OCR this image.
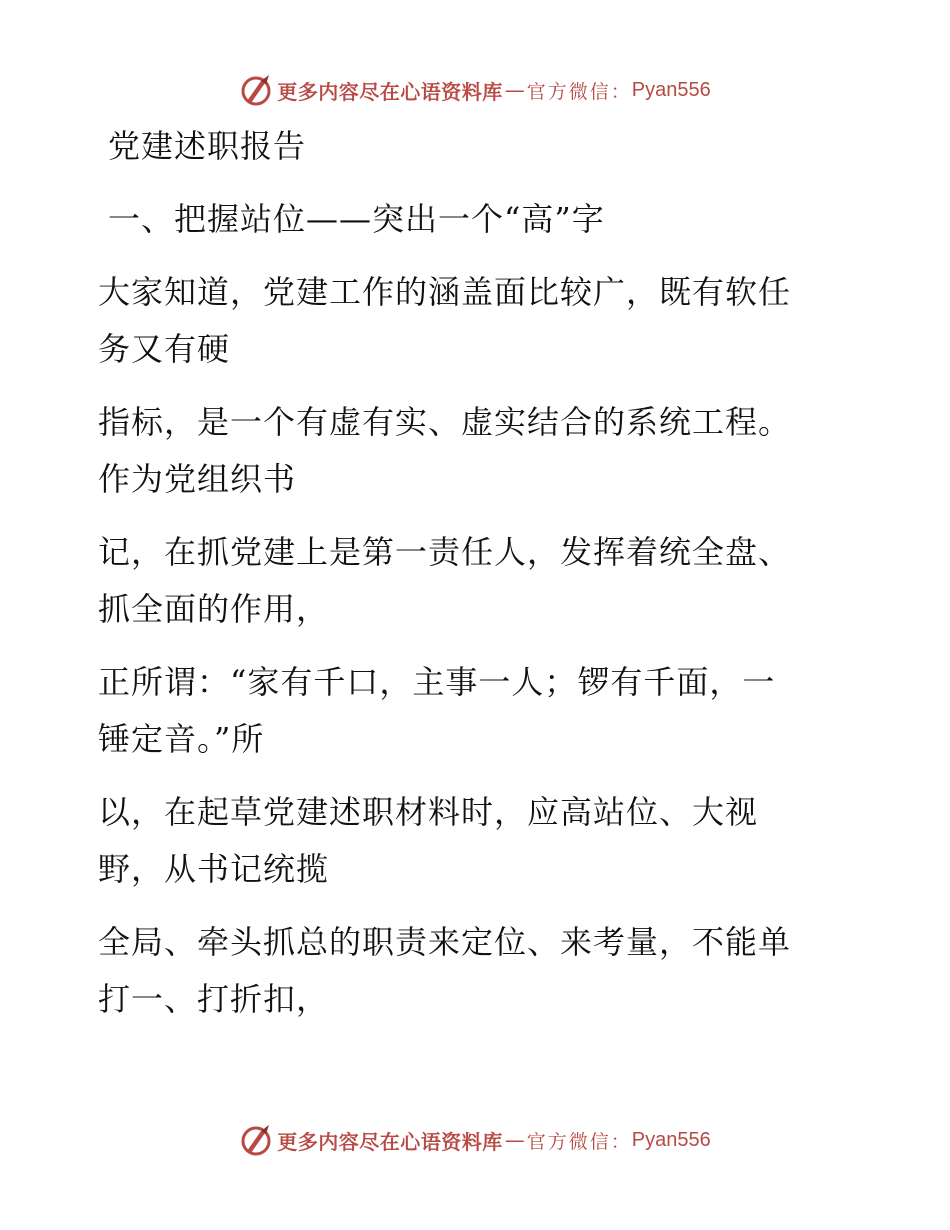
更多内容尽在心语资料库 — 官方微信： Pyan556
党建述职报告
一、把握站位——突出一个“高”字
大家知道，党建工作的涵盖面比较广，既有软任
务又有硬
指标，是一个有虚有实、虚实结合的系统工程。
作为党组织书
记，在抓党建上是第一责任人，发挥着统全盘、
抓全面的作用，
正所谓：“家有千口，主事一人；锣有千面，一
锤定音。”所
以，在起草党建述职材料时，应高站位、大视
野，从书记统揽
全局、牵头抓总的职责来定位、来考量，不能单
打一、打折扣，
更多内容尽在心语资料库 — 官方微信： Pyan556
